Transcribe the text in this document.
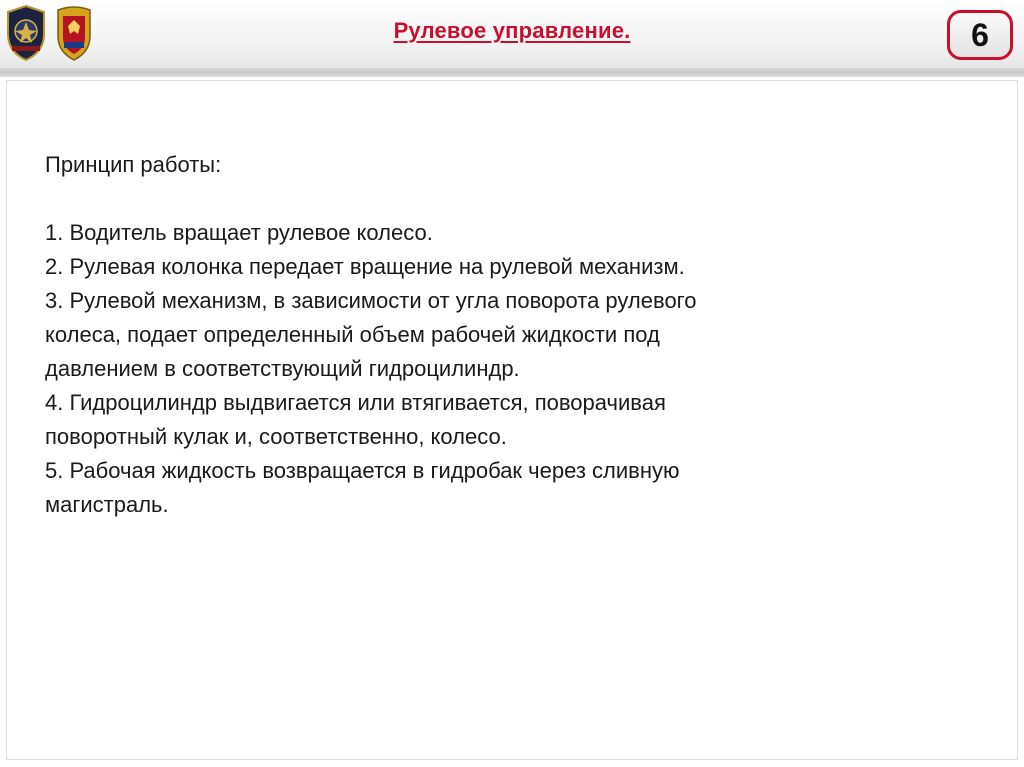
Рулевое управление.	6

Принцип работы:

1. Водитель вращает рулевое колесо.

2. Рулевая колонка передает вращение на рулевой механизм.

3. Рулевой механизм, в зависимости от угла поворота рулевого

колеса, подает определенный объем рабочей жидкости под

давлением в соответствующий гидроцилиндр.

4. Гидроцилиндр выдвигается или втягивается, поворачивая

поворотный кулак и, соответственно, колесо.

5. Рабочая жидкость возвращается в гидробак через сливную

магистраль.
